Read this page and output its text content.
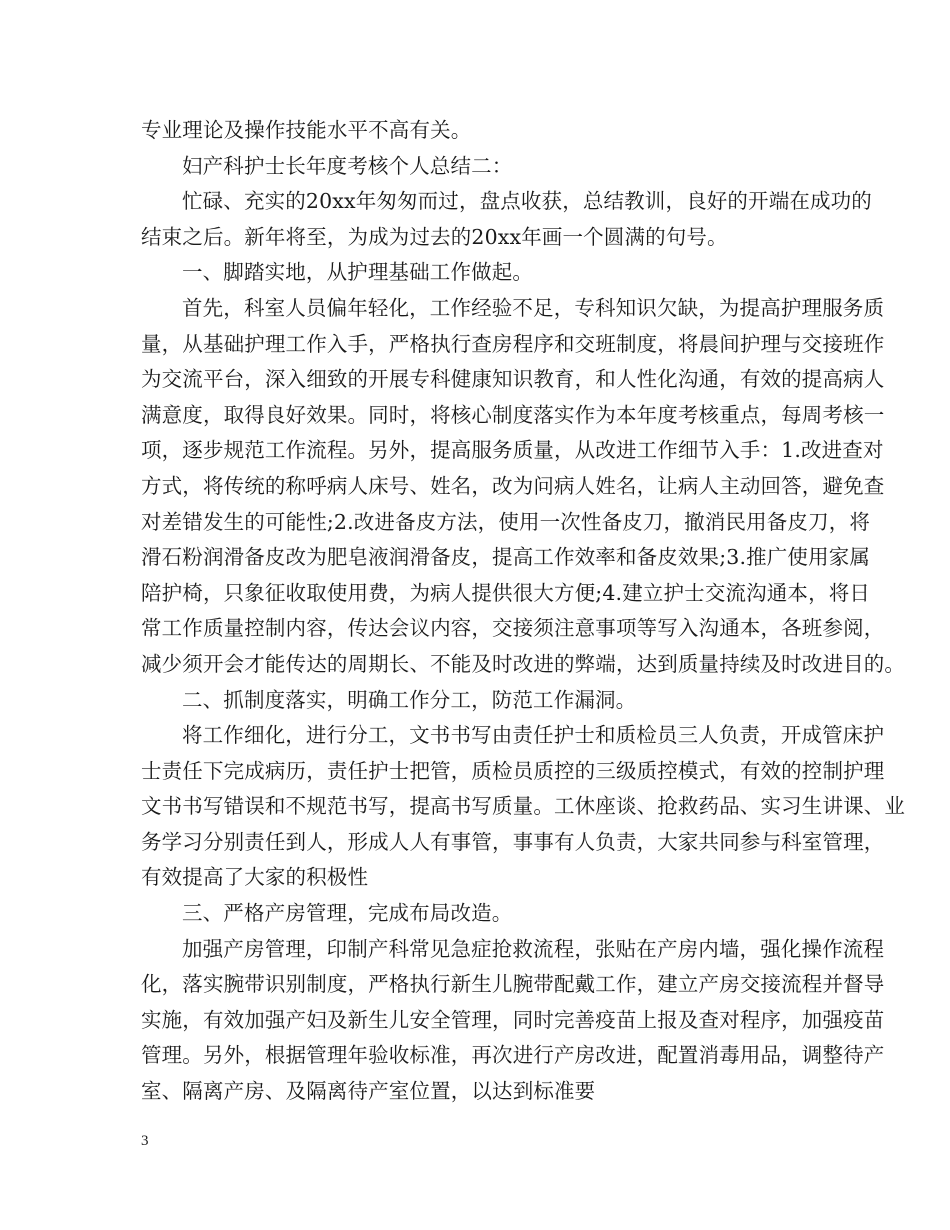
专业理论及操作技能水平不高有关。
妇产科护士长年度考核个人总结二：
忙碌、充实的20xx年匆匆而过，盘点收获，总结教训，良好的开端在成功的
结束之后。新年将至，为成为过去的20xx年画一个圆满的句号。
一、脚踏实地，从护理基础工作做起。
首先，科室人员偏年轻化，工作经验不足，专科知识欠缺，为提高护理服务质
量，从基础护理工作入手，严格执行查房程序和交班制度，将晨间护理与交接班作
为交流平台，深入细致的开展专科健康知识教育，和人性化沟通，有效的提高病人
满意度，取得良好效果。同时，将核心制度落实作为本年度考核重点，每周考核一
项，逐步规范工作流程。另外，提高服务质量，从改进工作细节入手：1.改进查对
方式，将传统的称呼病人床号、姓名，改为问病人姓名，让病人主动回答，避免查
对差错发生的可能性;2.改进备皮方法，使用一次性备皮刀，撤消民用备皮刀，将
滑石粉润滑备皮改为肥皂液润滑备皮，提高工作效率和备皮效果;3.推广使用家属
陪护椅，只象征收取使用费，为病人提供很大方便;4.建立护士交流沟通本，将日
常工作质量控制内容，传达会议内容，交接须注意事项等写入沟通本，各班参阅，
减少须开会才能传达的周期长、不能及时改进的弊端，达到质量持续及时改进目的。
二、抓制度落实，明确工作分工，防范工作漏洞。
将工作细化，进行分工，文书书写由责任护士和质检员三人负责，开成管床护
士责任下完成病历，责任护士把管，质检员质控的三级质控模式，有效的控制护理
文书书写错误和不规范书写，提高书写质量。工休座谈、抢救药品、实习生讲课、业
务学习分别责任到人，形成人人有事管，事事有人负责，大家共同参与科室管理，
有效提高了大家的积极性
三、严格产房管理，完成布局改造。
加强产房管理，印制产科常见急症抢救流程，张贴在产房内墙，强化操作流程
化，落实腕带识别制度，严格执行新生儿腕带配戴工作，建立产房交接流程并督导
实施，有效加强产妇及新生儿安全管理，同时完善疫苗上报及查对程序，加强疫苗
管理。另外，根据管理年验收标准，再次进行产房改进，配置消毒用品，调整待产
室、隔离产房、及隔离待产室位置，以达到标准要
3
